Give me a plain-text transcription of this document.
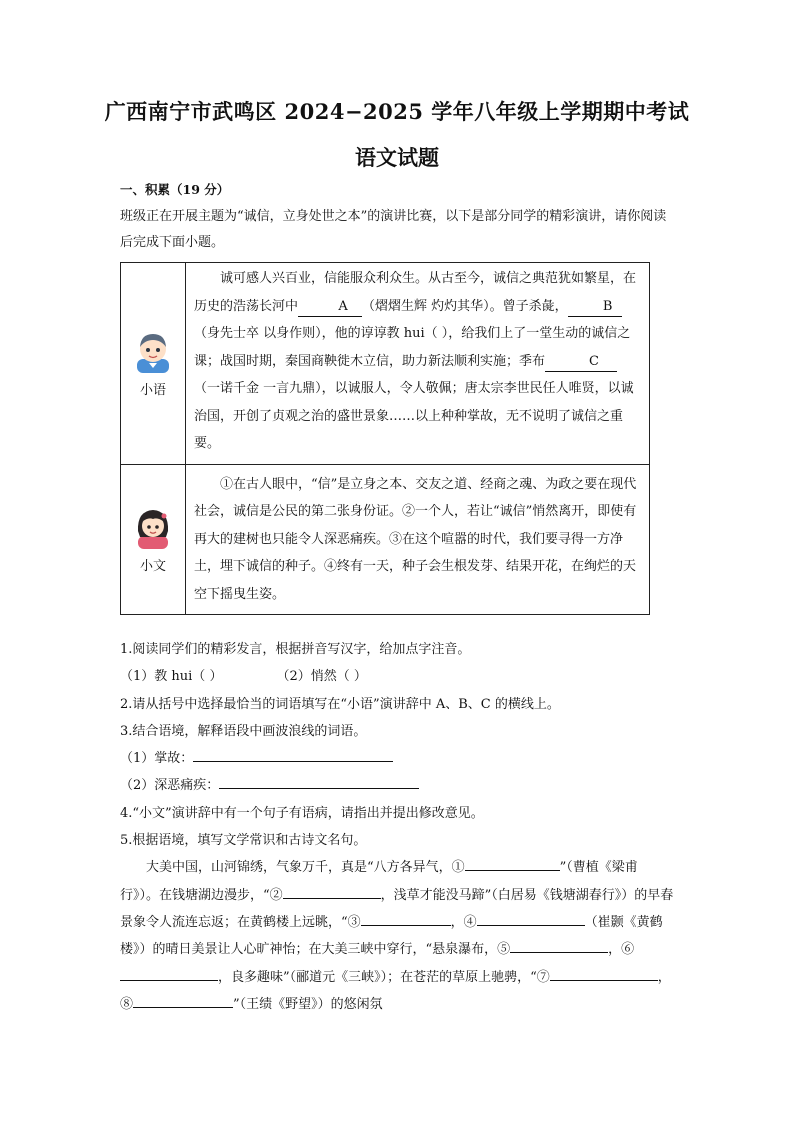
广西南宁市武鸣区 2024−2025 学年八年级上学期期中考试
语文试题
一、积累（19 分）
班级正在开展主题为“诚信，立身处世之本”的演讲比赛，以下是部分同学的精彩演讲，请你阅读后完成下面小题。
小语	诚可感人兴百业，信能服众利众生。从古至今，诚信之典范犹如繁星，在历史的浩荡长河中 A （熠熠生辉 灼灼其华）。曾子杀彘， B（身先士卒 以身作则），他的谆谆教 hui（ ），给我们上了一堂生动的诚信之课；战国时期，秦国商鞅徙木立信，助力新法顺利实施；季布 C（一诺千金 一言九鼎），以诚服人，令人敬佩；唐太宗李世民任人唯贤，以诚治国，开创了贞观之治的盛世景象……以上种种掌故，无不说明了诚信之重要。

小文	①在古人眼中，“信”是立身之本、交友之道、经商之魂、为政之要在现代社会，诚信是公民的第二张身份证。②一个人，若让“诚信”悄然离开，即使有再大的建树也只能令人深恶痛疾。③在这个喧嚣的时代，我们要寻得一方净土，埋下诚信的种子。④终有一天，种子会生根发芽、结果开花，在绚烂的天空下摇曳生姿。

1.阅读同学们的精彩发言，根据拼音写汉字，给加点字注音。

（1）教 hui（ ）	（2）悄然（ ）

2.请从括号中选择最恰当的词语填写在“小语”演讲辞中 A、B、C 的横线上。

3.结合语境，解释语段中画波浪线的词语。

（1）掌故：

（2）深恶痛疾：

4.“小文”演讲辞中有一个句子有语病，请指出并提出修改意见。

5.根据语境，填写文学常识和古诗文名句。

大美中国，山河锦绣，气象万千，真是“八方各异气，①	”（曹植《梁甫行》）。在钱塘湖边漫步，“②	，浅草才能没马蹄”（白居易《钱塘湖春行》）的早春景象令人流连忘返；在黄鹤楼上远眺，“③	，④	（崔颢《黄鹤楼》）的晴日美景让人心旷神怡；在大美三峡中穿行，“悬泉瀑布，⑤	，⑥，良多趣味”（郦道元《三峡》）；在苍茫的草原上驰骋，“⑦	，⑧	”（王绩《野望》）的悠闲氛
